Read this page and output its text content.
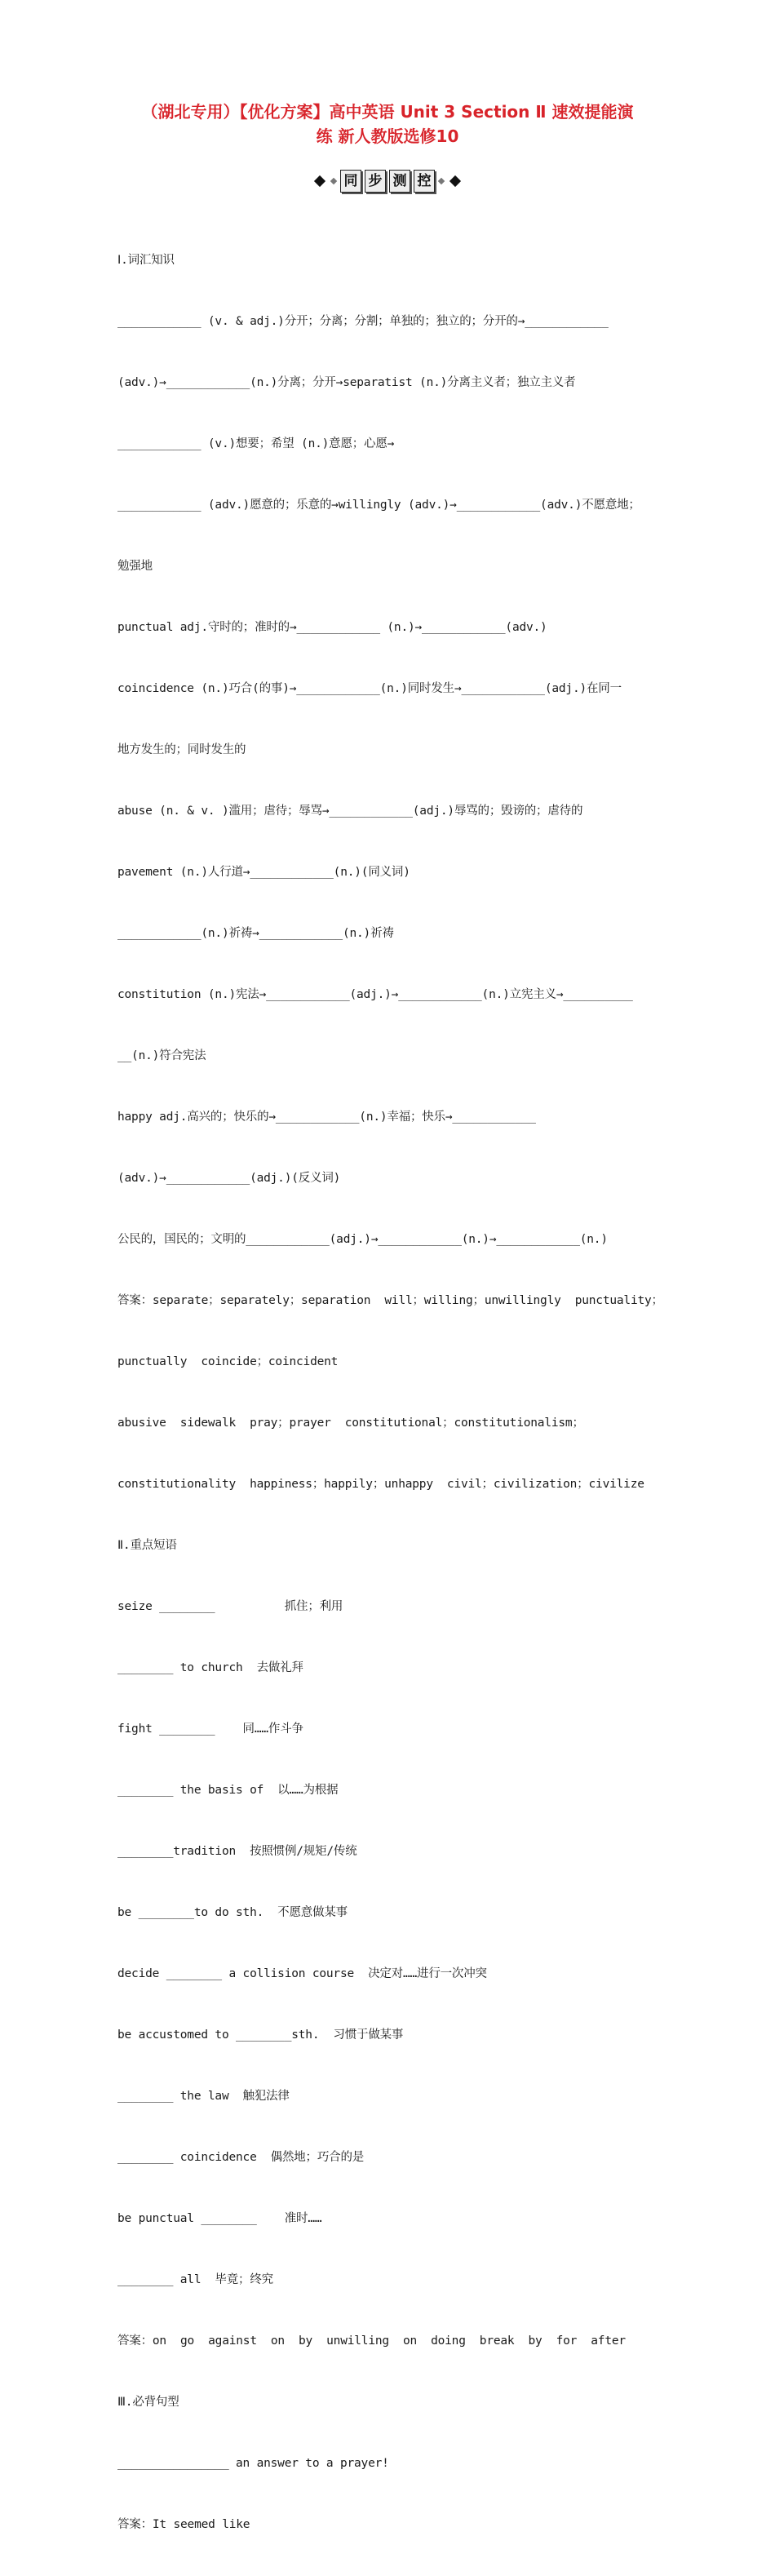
（湖北专用）【优化方案】高中英语 Unit 3 Section Ⅱ 速效提能演
练 新人教版选修10
同 步 测 控

Ⅰ.词汇知识

____________ (v. & adj.)分开；分离；分割；单独的；独立的；分开的→____________

(adv.)→____________(n.)分离；分开→separatist (n.)分离主义者；独立主义者

____________ (v.)想要；希望 (n.)意愿；心愿→

____________ (adv.)愿意的；乐意的→willingly (adv.)→____________(adv.)不愿意地；

勉强地

punctual adj.守时的；准时的→____________ (n.)→____________(adv.)

coincidence (n.)巧合(的事)→____________(n.)同时发生→____________(adj.)在同一

地方发生的；同时发生的

abuse (n. & v. )滥用；虐待；辱骂→____________(adj.)辱骂的；毁谤的；虐待的

pavement (n.)人行道→____________(n.)(同义词)

____________(n.)祈祷→____________(n.)祈祷

constitution (n.)宪法→____________(adj.)→____________(n.)立宪主义→__________

__(n.)符合宪法

happy adj.高兴的；快乐的→____________(n.)幸福；快乐→____________

(adv.)→____________(adj.)(反义词)

公民的，国民的；文明的____________(adj.)→____________(n.)→____________(n.)

答案：separate；separately；separation  will；willing；unwillingly  punctuality；

punctually  coincide；coincident

abusive  sidewalk  pray；prayer  constitutional；constitutionalism；

constitutionality  happiness；happily；unhappy  civil；civilization；civilize

Ⅱ.重点短语

seize ________          抓住；利用

________ to church  去做礼拜

fight ________    同……作斗争

________ the basis of  以……为根据

________tradition  按照惯例/规矩/传统

be ________to do sth.  不愿意做某事

decide ________ a collision course  决定对……进行一次冲突

be accustomed to ________sth.  习惯于做某事

________ the law  触犯法律

________ coincidence  偶然地；巧合的是

be punctual ________    准时……

________ all  毕竟；终究

答案：on  go  against  on  by  unwilling  on  doing  break  by  for  after

Ⅲ.必背句型

________________ an answer to a prayer!

答案：It seemed like
